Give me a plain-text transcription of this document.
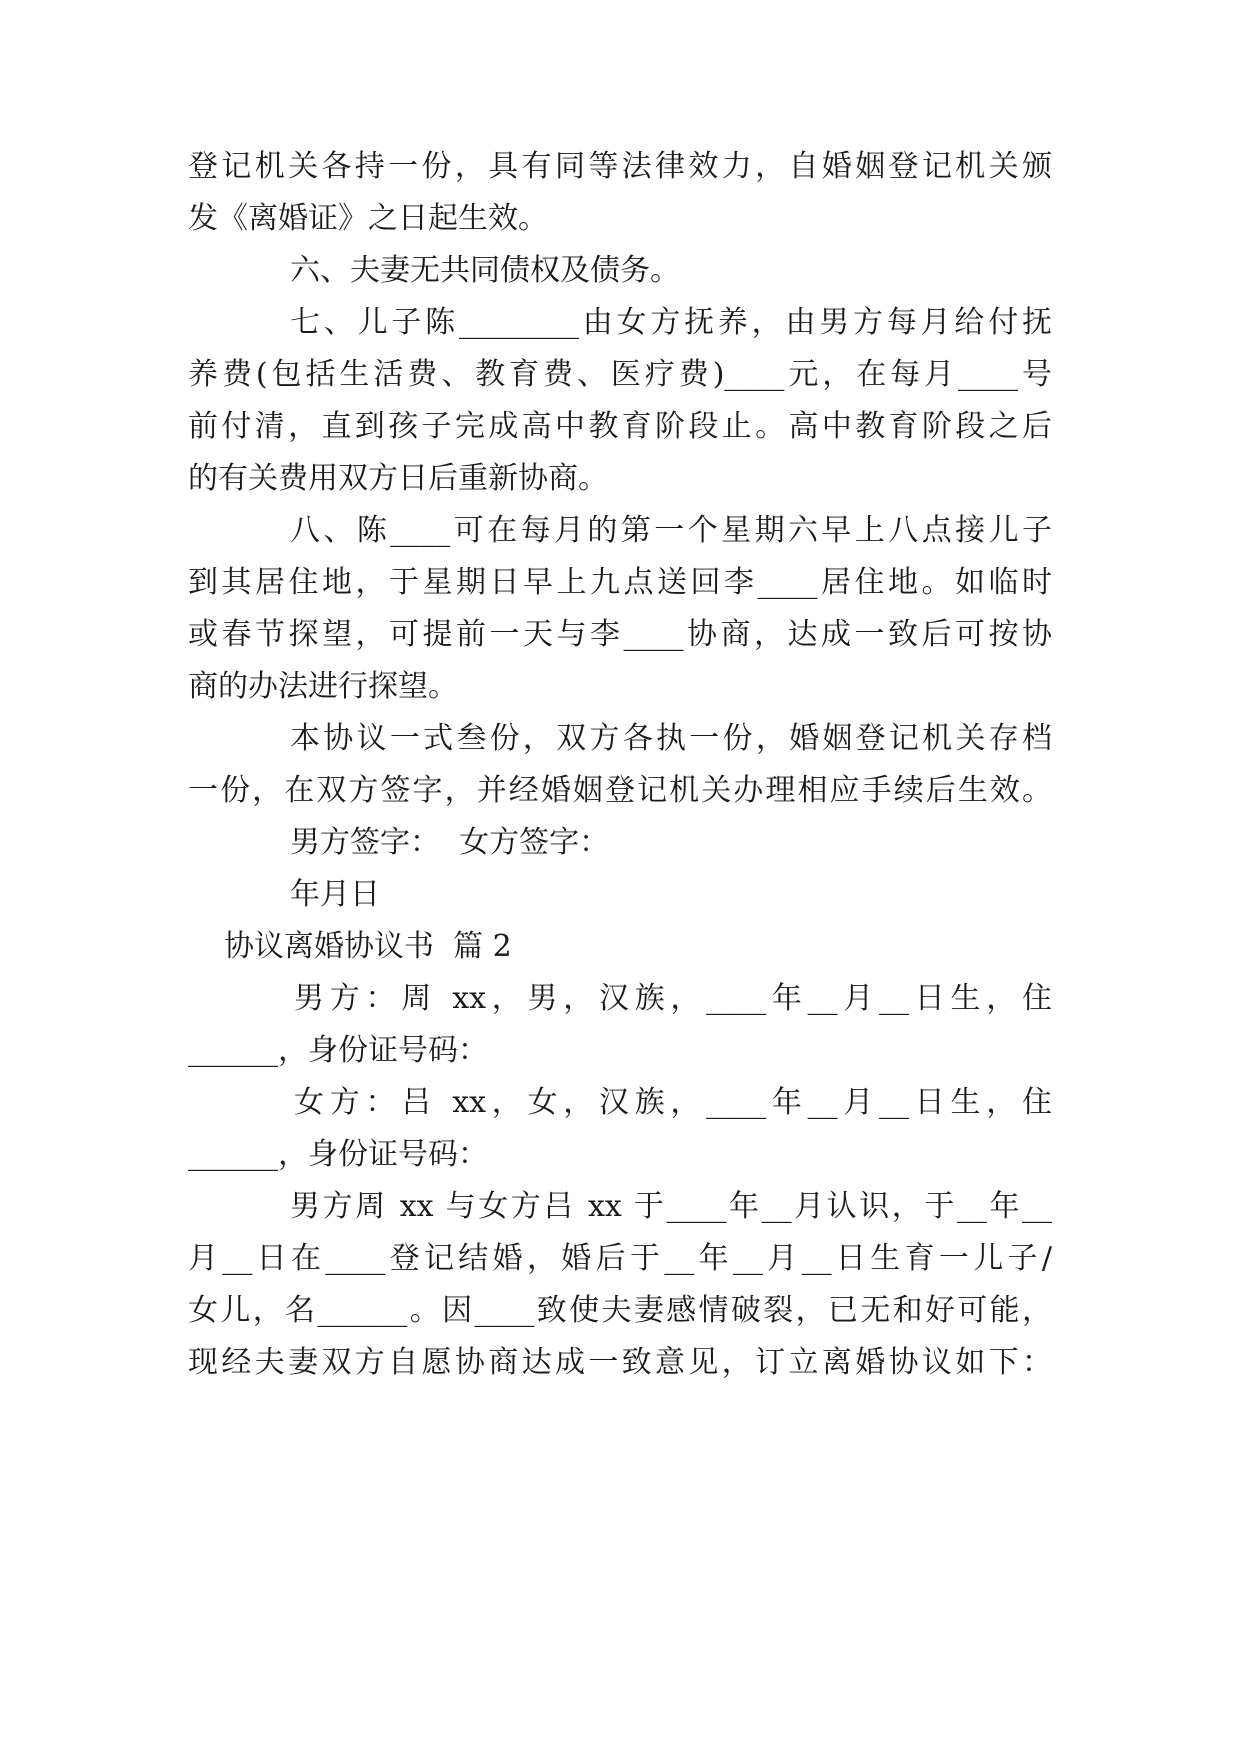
登记机关各持一份，具有同等法律效力，自婚姻登记机关颁
发《离婚证》之日起生效。
六、夫妻无共同债权及债务。
七、儿子陈________由女方抚养，由男方每月给付抚
养费(包括生活费、教育费、医疗费)____元，在每月____号
前付清，直到孩子完成高中教育阶段止。高中教育阶段之后
的有关费用双方日后重新协商。
八、陈____可在每月的第一个星期六早上八点接儿子
到其居住地，于星期日早上九点送回李____居住地。如临时
或春节探望，可提前一天与李____协商，达成一致后可按协
商的办法进行探望。
本协议一式叁份，双方各执一份，婚姻登记机关存档
一份，在双方签字，并经婚姻登记机关办理相应手续后生效。
男方签字：  女方签字：
年月日
协议离婚协议书  篇 2
男方：周 xx，男，汉族，____年__月__日生，住
______，身份证号码：
女方：吕 xx，女，汉族，____年__月__日生，住
______，身份证号码：
男方周 xx 与女方吕 xx 于____年__月认识，于__年__
月__日在____登记结婚，婚后于__年__月__日生育一儿子/
女儿，名______。因____致使夫妻感情破裂，已无和好可能，
现经夫妻双方自愿协商达成一致意见，订立离婚协议如下：
